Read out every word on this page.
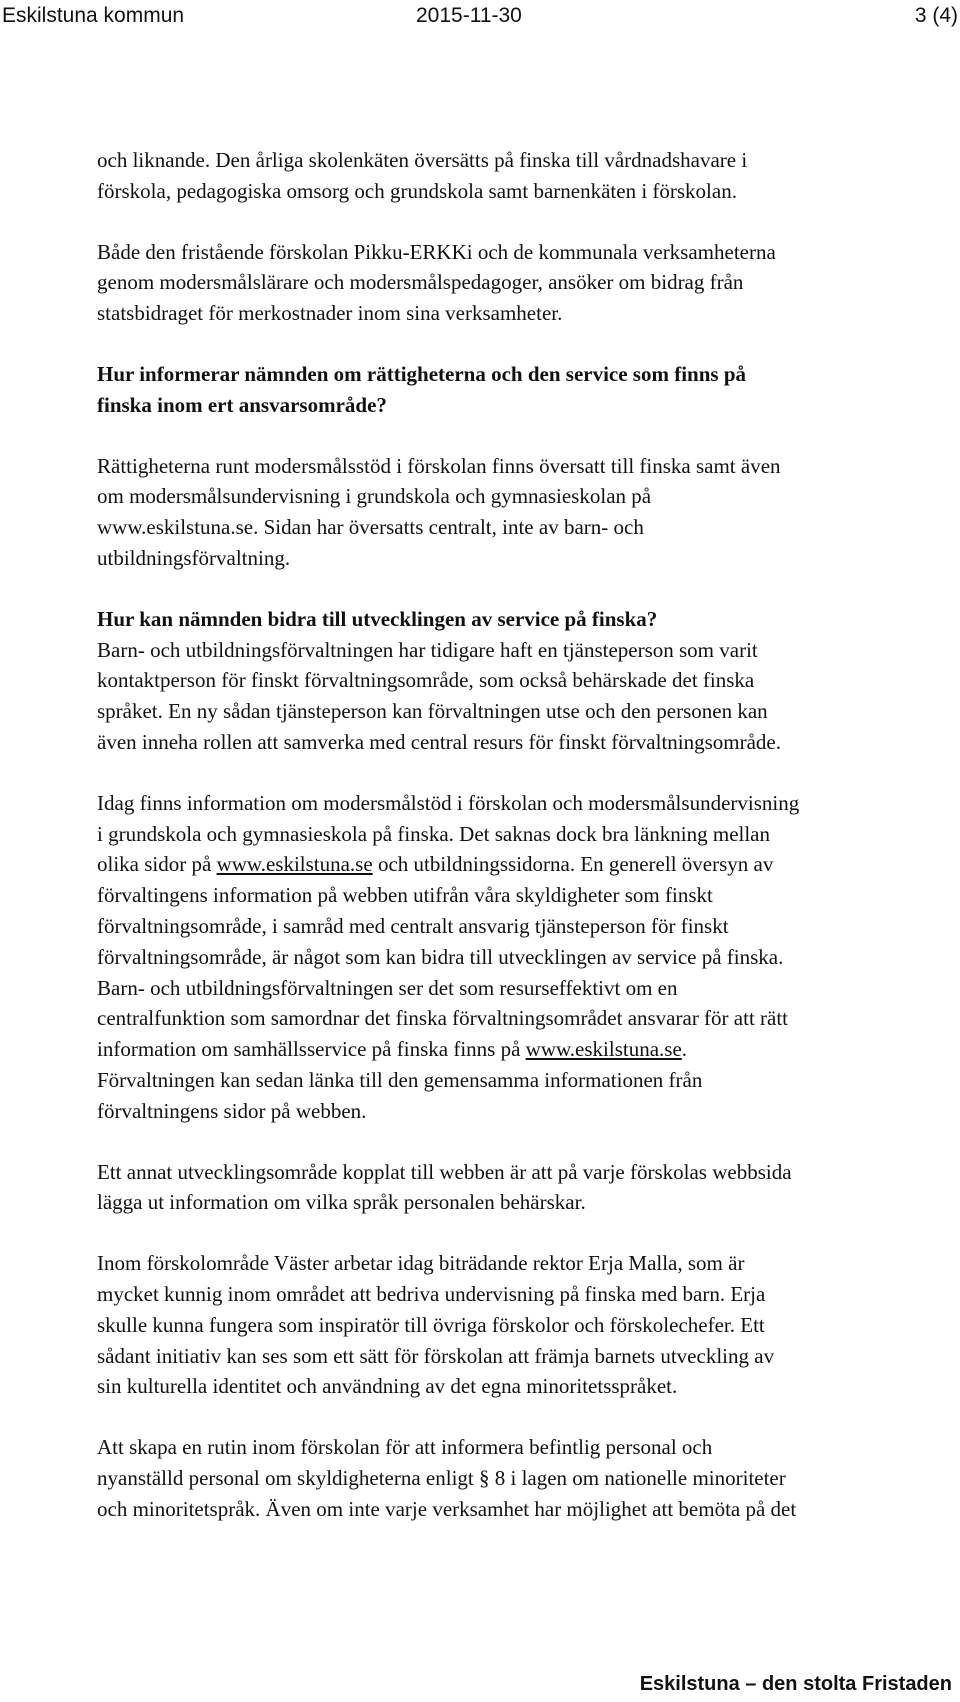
Eskilstuna kommun	2015-11-30	3 (4)

och liknande. Den årliga skolenkäten översätts på finska till vårdnadshavare i
förskola, pedagogiska omsorg och grundskola samt barnenkäten i förskolan.

Både den fristående förskolan Pikku-ERKKi och de kommunala verksamheterna
genom modersmålslärare och modersmålspedagoger, ansöker om bidrag från
statsbidraget för merkostnader inom sina verksamheter.

Hur informerar nämnden om rättigheterna och den service som finns på
finska inom ert ansvarsområde?

Rättigheterna runt modersmålsstöd i förskolan finns översatt till finska samt även
om modersmålsundervisning i grundskola och gymnasieskolan på
www.eskilstuna.se. Sidan har översatts centralt, inte av barn- och
utbildningsförvaltning.

Hur kan nämnden bidra till utvecklingen av service på finska?

Barn- och utbildningsförvaltningen har tidigare haft en tjänsteperson som varit
kontaktperson för finskt förvaltningsområde, som också behärskade det finska
språket. En ny sådan tjänsteperson kan förvaltningen utse och den personen kan
även inneha rollen att samverka med central resurs för finskt förvaltningsområde.

Idag finns information om modersmålstöd i förskolan och modersmålsundervisning
i grundskola och gymnasieskola på finska. Det saknas dock bra länkning mellan
olika sidor på www.eskilstuna.se och utbildningssidorna. En generell översyn av
förvaltingens information på webben utifrån våra skyldigheter som finskt
förvaltningsområde, i samråd med centralt ansvarig tjänsteperson för finskt
förvaltningsområde, är något som kan bidra till utvecklingen av service på finska.
Barn- och utbildningsförvaltningen ser det som resurseffektivt om en
centralfunktion som samordnar det finska förvaltningsområdet ansvarar för att rätt
information om samhällsservice på finska finns på www.eskilstuna.se.
Förvaltningen kan sedan länka till den gemensamma informationen från
förvaltningens sidor på webben.

Ett annat utvecklingsområde kopplat till webben är att på varje förskolas webbsida
lägga ut information om vilka språk personalen behärskar.

Inom förskolområde Väster arbetar idag biträdande rektor Erja Malla, som är
mycket kunnig inom området att bedriva undervisning på finska med barn. Erja
skulle kunna fungera som inspiratör till övriga förskolor och förskolechefer. Ett
sådant initiativ kan ses som ett sätt för förskolan att främja barnets utveckling av
sin kulturella identitet och användning av det egna minoritetsspråket.

Att skapa en rutin inom förskolan för att informera befintlig personal och
nyanställd personal om skyldigheterna enligt § 8 i lagen om nationelle minoriteter
och minoritetspråk. Även om inte varje verksamhet har möjlighet att bemöta på det

Eskilstuna – den stolta Fristaden
